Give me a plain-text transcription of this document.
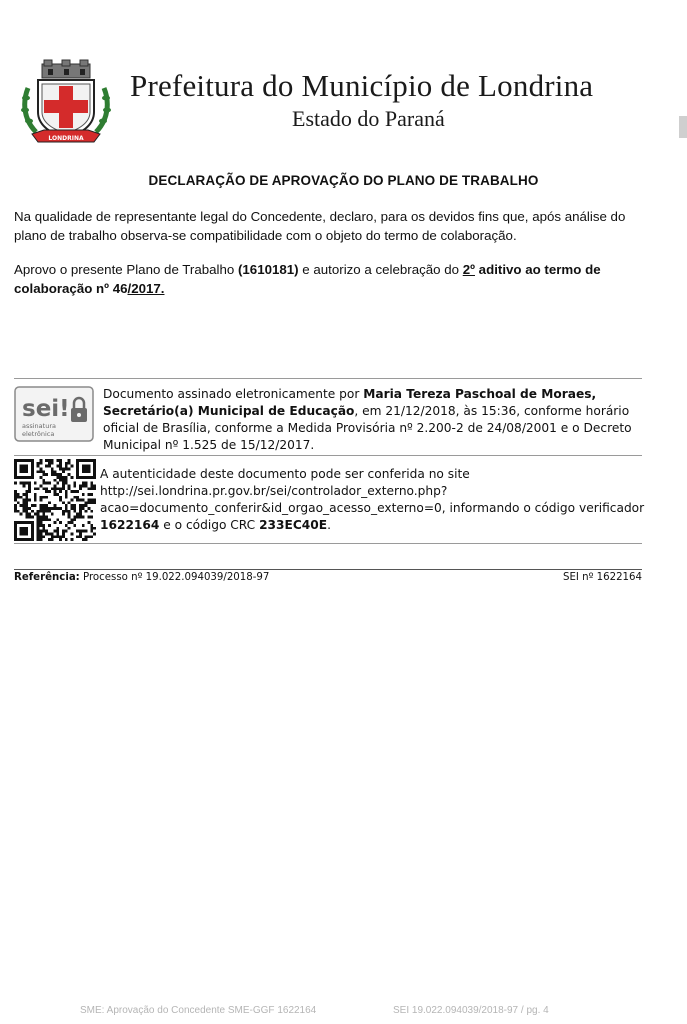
LONDRINA
Prefeitura do Município de Londrina
Estado do Paraná
DECLARAÇÃO DE APROVAÇÃO DO PLANO DE TRABALHO
Na qualidade de representante legal do Concedente, declaro, para os devidos fins que, após análise do plano de trabalho observa-se compatibilidade com o objeto do termo de colaboração.
Aprovo o presente Plano de Trabalho (1610181) e autorizo a celebração do 2º aditivo ao termo de colaboração nº 46/2017.
sei!
assinatura
eletrônica
Documento assinado eletronicamente por Maria Tereza Paschoal de Moraes, Secretário(a) Municipal de Educação, em 21/12/2018, às 15:36, conforme horário oficial de Brasília, conforme a Medida Provisória nº 2.200-2 de 24/08/2001 e o Decreto Municipal nº 1.525 de 15/12/2017.
A autenticidade deste documento pode ser conferida no site http://sei.londrina.pr.gov.br/sei/controlador_externo.php?acao=documento_conferir&id_orgao_acesso_externo=0, informando o código verificador 1622164 e o código CRC 233EC40E.
Referência: Processo nº 19.022.094039/2018-97	SEI nº 1622164
SME: Aprovação do Concedente SME-GGF 1622164	SEI 19.022.094039/2018-97 / pg. 4
